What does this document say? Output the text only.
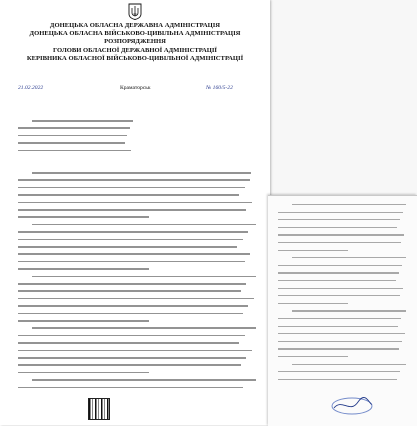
ДОНЕЦЬКА ОБЛАСНА ДЕРЖАВНА АДМІНІСТРАЦІЯ
ДОНЕЦЬКА ОБЛАСНА ВІЙСЬКОВО-ЦИВІЛЬНА АДМІНІСТРАЦІЯ
РОЗПОРЯДЖЕННЯ
ГОЛОВИ ОБЛАСНОЇ ДЕРЖАВНОЇ АДМІНІСТРАЦІЇ
КЕРІВНИКА ОБЛАСНОЇ ВІЙСЬКОВО-ЦИВІЛЬНОЇ АДМІНІСТРАЦІЇ
21.02.2022	Краматорськ	№ 160/5-22
